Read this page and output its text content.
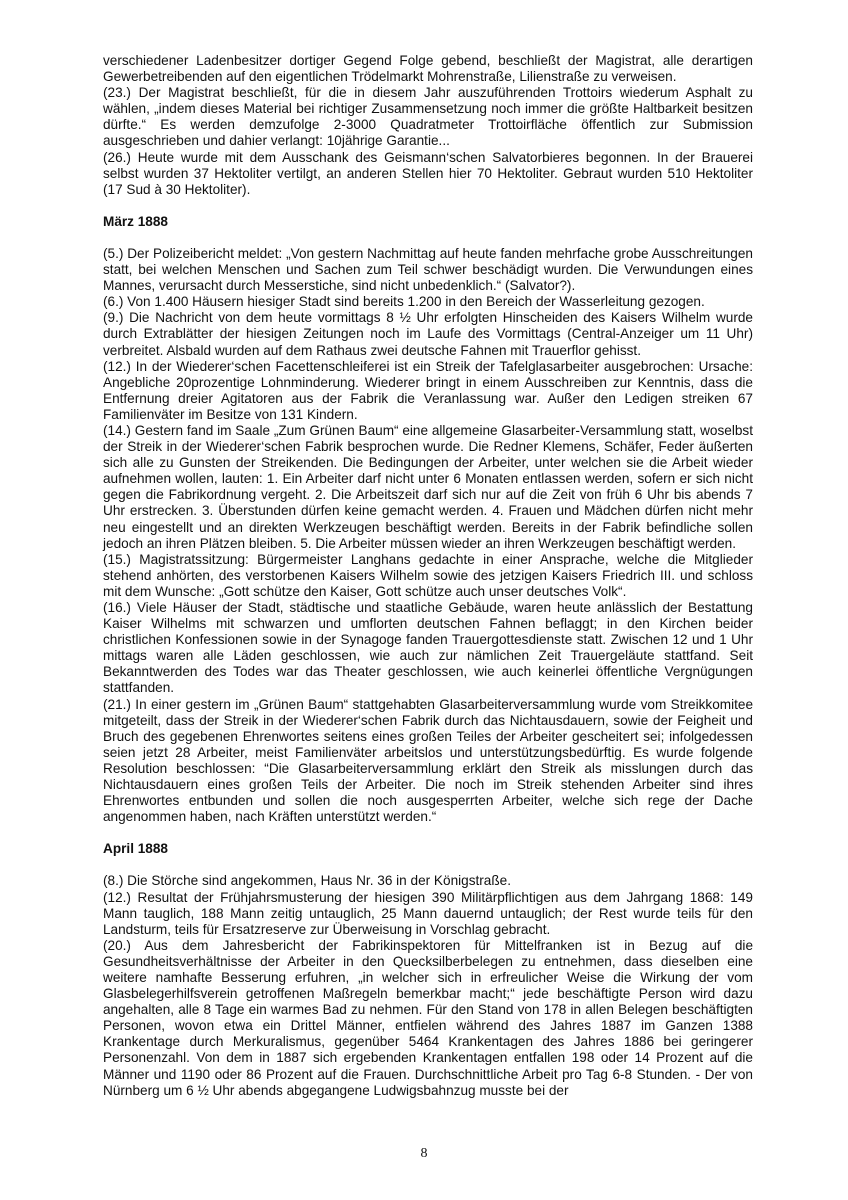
verschiedener Ladenbesitzer dortiger Gegend Folge gebend, beschließt der Magistrat, alle derartigen Gewerbetreibenden auf den eigentlichen Trödelmarkt Mohrenstraße, Lilienstraße zu verweisen.

(23.) Der Magistrat beschließt, für die in diesem Jahr auszuführenden Trottoirs wiederum Asphalt zu wählen, „indem dieses Material bei richtiger Zusammensetzung noch immer die größte Haltbarkeit besitzen dürfte.“ Es werden demzufolge 2-3000 Quadratmeter Trottoirfläche öffentlich zur Submission ausgeschrieben und dahier verlangt: 10jährige Garantie...

(26.) Heute wurde mit dem Ausschank des Geismann‘schen Salvatorbieres begonnen. In der Brauerei selbst wurden 37 Hektoliter vertilgt, an anderen Stellen hier 70 Hektoliter. Gebraut wurden 510 Hektoliter (17 Sud à 30 Hektoliter).

März 1888

(5.) Der Polizeibericht meldet: „Von gestern Nachmittag auf heute fanden mehrfache grobe Ausschreitungen statt, bei welchen Menschen und Sachen zum Teil schwer beschädigt wurden. Die Verwundungen eines Mannes, verursacht durch Messerstiche, sind nicht unbedenklich.“ (Salvator?).

(6.) Von 1.400 Häusern hiesiger Stadt sind bereits 1.200 in den Bereich der Wasserleitung gezogen.

(9.) Die Nachricht von dem heute vormittags 8 ½ Uhr erfolgten Hinscheiden des Kaisers Wilhelm wurde durch Extrablätter der hiesigen Zeitungen noch im Laufe des Vormittags (Central-Anzeiger um 11 Uhr) verbreitet. Alsbald wurden auf dem Rathaus zwei deutsche Fahnen mit Trauerflor gehisst.

(12.) In der Wiederer‘schen Facettenschleiferei ist ein Streik der Tafelglasarbeiter ausgebrochen: Ursache: Angebliche 20prozentige Lohnminderung. Wiederer bringt in einem Ausschreiben zur Kenntnis, dass die Entfernung dreier Agitatoren aus der Fabrik die Veranlassung war. Außer den Ledigen streiken 67 Familienväter im Besitze von 131 Kindern.

(14.) Gestern fand im Saale „Zum Grünen Baum“ eine allgemeine Glasarbeiter-Versammlung statt, woselbst der Streik in der Wiederer‘schen Fabrik besprochen wurde. Die Redner Klemens, Schäfer, Feder äußerten sich alle zu Gunsten der Streikenden. Die Bedingungen der Arbeiter, unter welchen sie die Arbeit wieder aufnehmen wollen, lauten: 1. Ein Arbeiter darf nicht unter 6 Monaten entlassen werden, sofern er sich nicht gegen die Fabrikordnung vergeht. 2. Die Arbeitszeit darf sich nur auf die Zeit von früh 6 Uhr bis abends 7 Uhr erstrecken. 3. Überstunden dürfen keine gemacht werden. 4. Frauen und Mädchen dürfen nicht mehr neu eingestellt und an direkten Werkzeugen beschäftigt werden. Bereits in der Fabrik befindliche sollen jedoch an ihren Plätzen bleiben. 5. Die Arbeiter müssen wieder an ihren Werkzeugen beschäftigt werden.

(15.) Magistratssitzung: Bürgermeister Langhans gedachte in einer Ansprache, welche die Mitglieder stehend anhörten, des verstorbenen Kaisers Wilhelm sowie des jetzigen Kaisers Friedrich III. und schloss mit dem Wunsche: „Gott schütze den Kaiser, Gott schütze auch unser deutsches Volk“.

(16.) Viele Häuser der Stadt, städtische und staatliche Gebäude, waren heute anlässlich der Bestattung Kaiser Wilhelms mit schwarzen und umflorten deutschen Fahnen beflaggt; in den Kirchen beider christlichen Konfessionen sowie in der Synagoge fanden Trauergottesdienste statt. Zwischen 12 und 1 Uhr mittags waren alle Läden geschlossen, wie auch zur nämlichen Zeit Trauergeläute stattfand. Seit Bekanntwerden des Todes war das Theater geschlossen, wie auch keinerlei öffentliche Vergnügungen stattfanden.

(21.) In einer gestern im „Grünen Baum“ stattgehabten Glasarbeiterversammlung wurde vom Streikkomitee mitgeteilt, dass der Streik in der Wiederer‘schen Fabrik durch das Nichtausdauern, sowie der Feigheit und Bruch des gegebenen Ehrenwortes seitens eines großen Teiles der Arbeiter gescheitert sei; infolgedessen seien jetzt 28 Arbeiter, meist Familienväter arbeitslos und unterstützungsbedürftig. Es wurde folgende Resolution beschlossen: “Die Glasarbeiterversammlung erklärt den Streik als misslungen durch das Nichtausdauern eines großen Teils der Arbeiter. Die noch im Streik stehenden Arbeiter sind ihres Ehrenwortes entbunden und sollen die noch ausgesperrten Arbeiter, welche sich rege der Dache angenommen haben, nach Kräften unterstützt werden.“

April 1888

(8.) Die Störche sind angekommen, Haus Nr. 36 in der Königstraße.

(12.) Resultat der Frühjahrsmusterung der hiesigen 390 Militärpflichtigen aus dem Jahrgang 1868: 149 Mann tauglich, 188 Mann zeitig untauglich, 25 Mann dauernd untauglich; der Rest wurde teils für den Landsturm, teils für Ersatzreserve zur Überweisung in Vorschlag gebracht.

(20.) Aus dem Jahresbericht der Fabrikinspektoren für Mittelfranken ist in Bezug auf die Gesundheitsverhältnisse der Arbeiter in den Quecksilberbelegen zu entnehmen, dass dieselben eine weitere namhafte Besserung erfuhren, „in welcher sich in erfreulicher Weise die Wirkung der vom Glasbelegerhilfsverein getroffenen Maßregeln bemerkbar macht;“ jede beschäftigte Person wird dazu angehalten, alle 8 Tage ein warmes Bad zu nehmen. Für den Stand von 178 in allen Belegen beschäftigten Personen, wovon etwa ein Drittel Männer, entfielen während des Jahres 1887 im Ganzen 1388 Krankentage durch Merkuralismus, gegenüber 5464 Krankentagen des Jahres 1886 bei geringerer Personenzahl. Von dem in 1887 sich ergebenden Krankentagen entfallen 198 oder 14 Prozent auf die Männer und 1190 oder 86 Prozent auf die Frauen. Durchschnittliche Arbeit pro Tag 6-8 Stunden. - Der von Nürnberg um 6 ½ Uhr abends abgegangene Ludwigsbahnzug musste bei der

8
